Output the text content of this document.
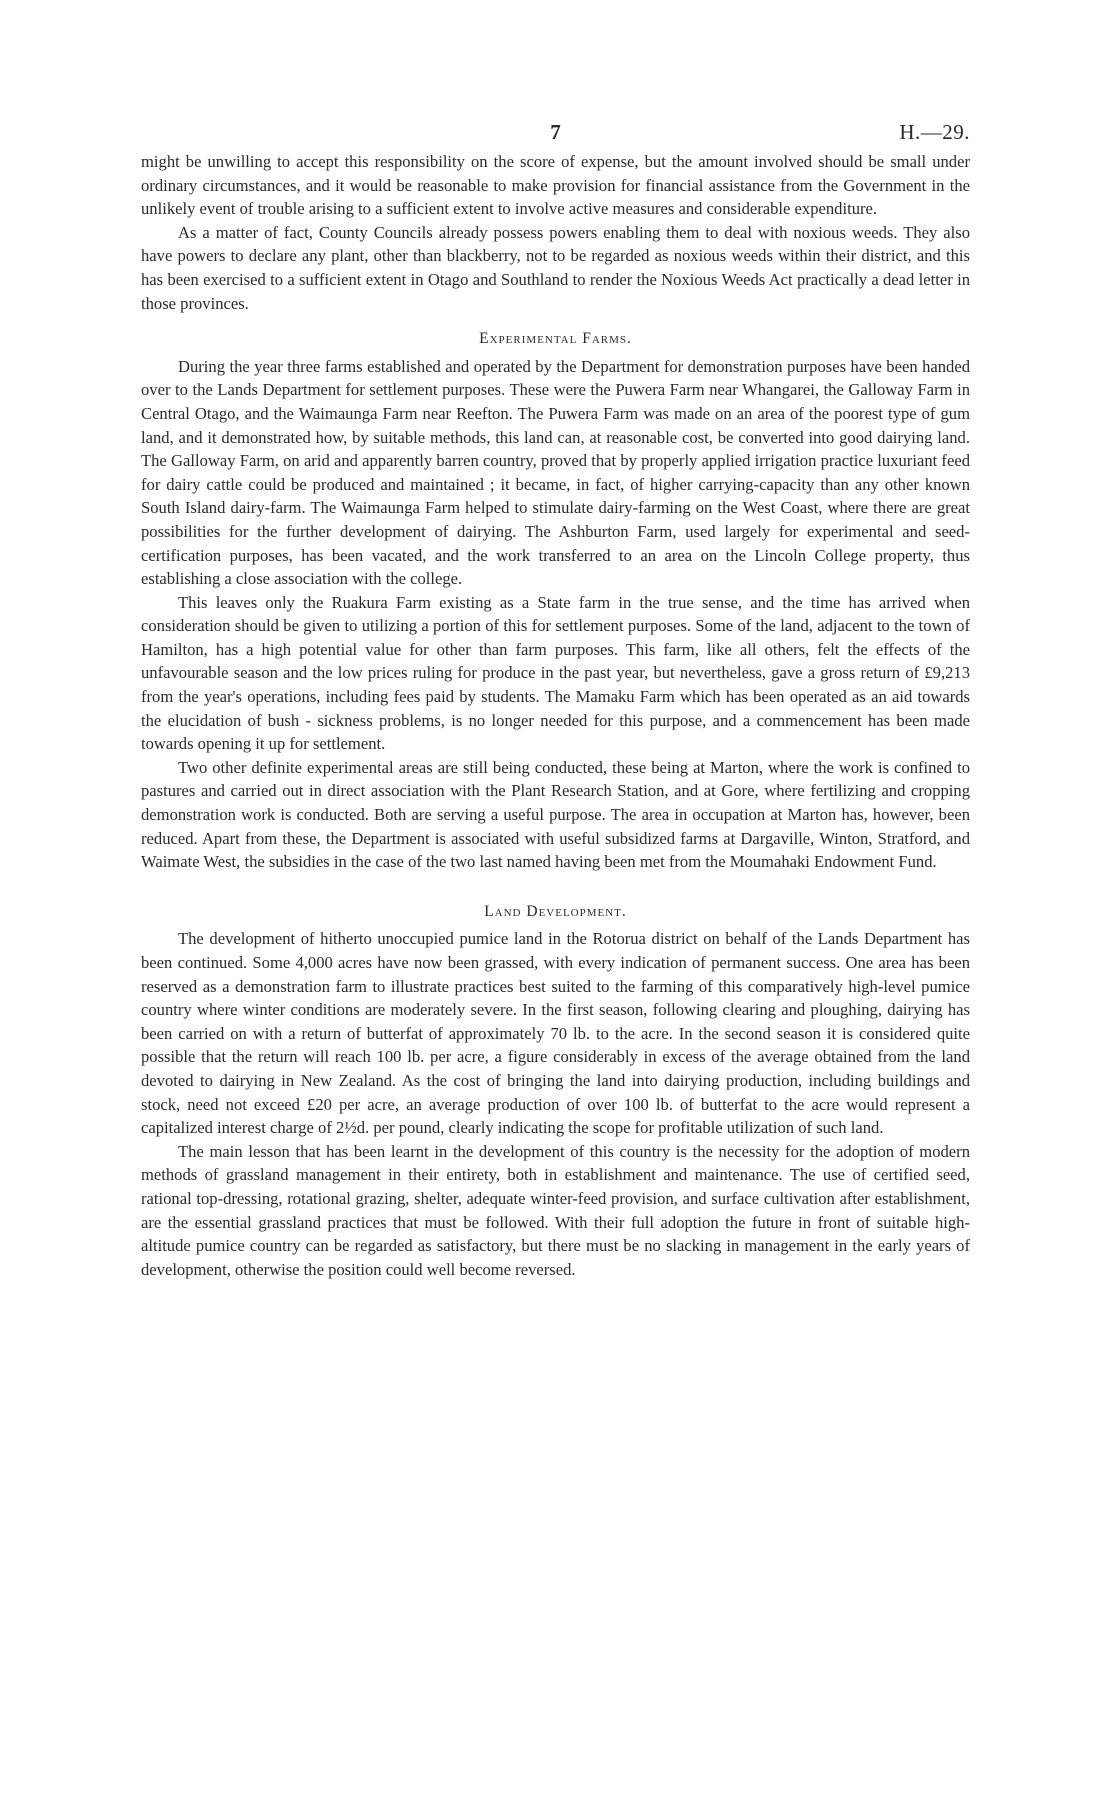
7	H.—29.

might be unwilling to accept this responsibility on the score of expense, but the amount involved should be small under ordinary circumstances, and it would be reasonable to make provision for financial assistance from the Government in the unlikely event of trouble arising to a sufficient extent to involve active measures and considerable expenditure.

As a matter of fact, County Councils already possess powers enabling them to deal with noxious weeds. They also have powers to declare any plant, other than blackberry, not to be regarded as noxious weeds within their district, and this has been exercised to a sufficient extent in Otago and Southland to render the Noxious Weeds Act practically a dead letter in those provinces.

Experimental Farms.

During the year three farms established and operated by the Department for demonstration purposes have been handed over to the Lands Department for settlement purposes. These were the Puwera Farm near Whangarei, the Galloway Farm in Central Otago, and the Waimaunga Farm near Reefton. The Puwera Farm was made on an area of the poorest type of gum land, and it demonstrated how, by suitable methods, this land can, at reasonable cost, be converted into good dairying land. The Galloway Farm, on arid and apparently barren country, proved that by properly applied irrigation practice luxuriant feed for dairy cattle could be produced and maintained ; it became, in fact, of higher carrying-capacity than any other known South Island dairy-farm. The Waimaunga Farm helped to stimulate dairy-farming on the West Coast, where there are great possibilities for the further development of dairying. The Ashburton Farm, used largely for experimental and seed-certification purposes, has been vacated, and the work transferred to an area on the Lincoln College property, thus establishing a close association with the college.

This leaves only the Ruakura Farm existing as a State farm in the true sense, and the time has arrived when consideration should be given to utilizing a portion of this for settlement purposes. Some of the land, adjacent to the town of Hamilton, has a high potential value for other than farm purposes. This farm, like all others, felt the effects of the unfavourable season and the low prices ruling for produce in the past year, but nevertheless, gave a gross return of £9,213 from the year's operations, including fees paid by students. The Mamaku Farm which has been operated as an aid towards the elucidation of bush - sickness problems, is no longer needed for this purpose, and a commencement has been made towards opening it up for settlement.

Two other definite experimental areas are still being conducted, these being at Marton, where the work is confined to pastures and carried out in direct association with the Plant Research Station, and at Gore, where fertilizing and cropping demonstration work is conducted. Both are serving a useful purpose. The area in occupation at Marton has, however, been reduced. Apart from these, the Department is associated with useful subsidized farms at Dargaville, Winton, Stratford, and Waimate West, the subsidies in the case of the two last named having been met from the Moumahaki Endowment Fund.

Land Development.

The development of hitherto unoccupied pumice land in the Rotorua district on behalf of the Lands Department has been continued. Some 4,000 acres have now been grassed, with every indication of permanent success. One area has been reserved as a demonstration farm to illustrate practices best suited to the farming of this comparatively high-level pumice country where winter conditions are moderately severe. In the first season, following clearing and ploughing, dairying has been carried on with a return of butterfat of approximately 70 lb. to the acre. In the second season it is considered quite possible that the return will reach 100 lb. per acre, a figure considerably in excess of the average obtained from the land devoted to dairying in New Zealand. As the cost of bringing the land into dairying production, including buildings and stock, need not exceed £20 per acre, an average production of over 100 lb. of butterfat to the acre would represent a capitalized interest charge of 2½d. per pound, clearly indicating the scope for profitable utilization of such land.

The main lesson that has been learnt in the development of this country is the necessity for the adoption of modern methods of grassland management in their entirety, both in establishment and maintenance. The use of certified seed, rational top-dressing, rotational grazing, shelter, adequate winter-feed provision, and surface cultivation after establishment, are the essential grassland practices that must be followed. With their full adoption the future in front of suitable high-altitude pumice country can be regarded as satisfactory, but there must be no slacking in management in the early years of development, otherwise the position could well become reversed.
